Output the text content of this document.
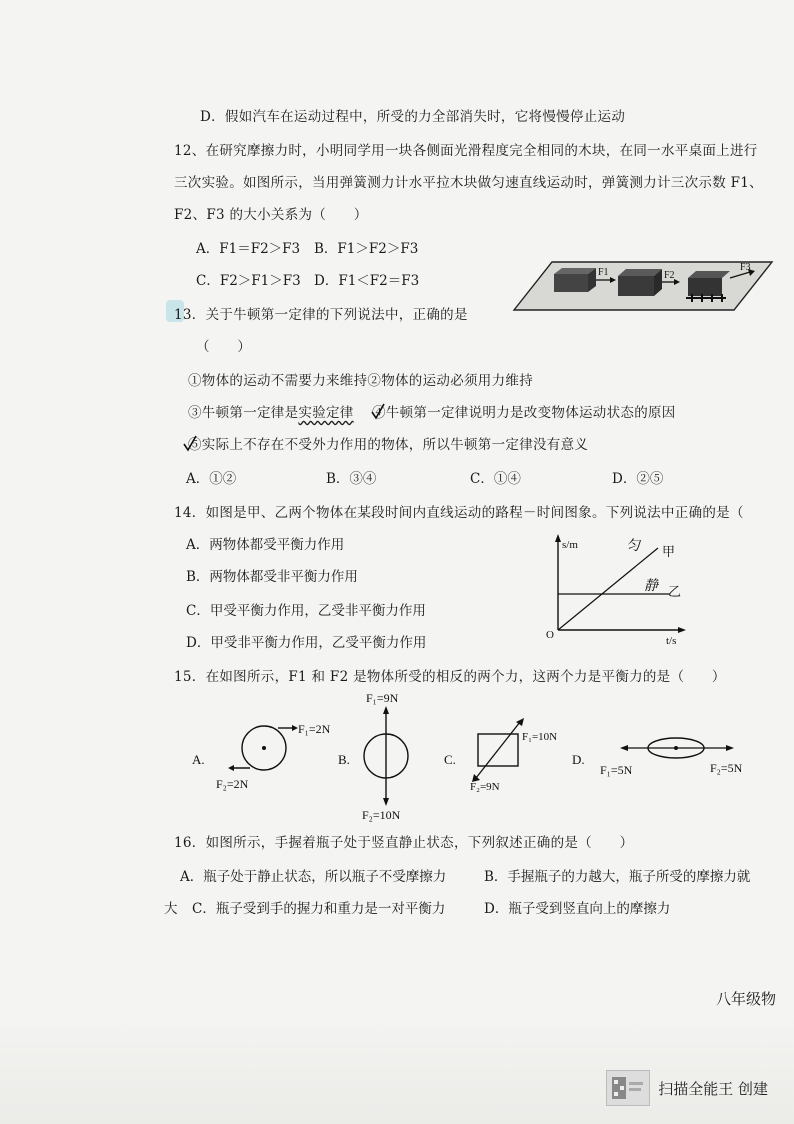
D．假如汽车在运动过程中，所受的力全部消失时，它将慢慢停止运动
12、在研究摩擦力时，小明同学用一块各侧面光滑程度完全相同的木块，在同一水平桌面上进行
三次实验。如图所示，当用弹簧测力计水平拉木块做匀速直线运动时，弹簧测力计三次示数 F1、
F2、F3 的大小关系为（　　）
A．F1＝F2＞F3 B．F1＞F2＞F3
C．F2＞F1＞F3 D．F1＜F2＝F3
F1	F2
F3
13．关于牛顿第一定律的下列说法中，正确的是
（　　）
①物体的运动不需要力来维持②物体的运动必须用力维持
③牛顿第一定律是实验定律 ④牛顿第一定律说明力是改变物体运动状态的原因
⑤实际上不存在不受外力作用的物体，所以牛顿第一定律没有意义
A．①②	B．③④	C．①④	D．②⑤
14．如图是甲、乙两个物体在某段时间内直线运动的路程－时间图象。下列说法中正确的是（
A．两物体都受平衡力作用
B．两物体都受非平衡力作用
C．甲受平衡力作用，乙受非平衡力作用
D．甲受非平衡力作用，乙受平衡力作用
s/m
t/s
O
甲
乙
匀
静
15．在如图所示，F1 和 F2 是物体所受的相反的两个力，这两个力是平衡力的是（　　）
A.
F₁=2N
F₂=2N
B.
F₁=9N
F₂=10N
C.
F₁=10N
F₂=9N
D.
F₁=5N	F₂=5N
16．如图所示，手握着瓶子处于竖直静止状态，下列叙述正确的是（　　）
A．瓶子处于静止状态，所以瓶子不受摩擦力	B．手握瓶子的力越大，瓶子所受的摩擦力就
大 C．瓶子受到手的握力和重力是一对平衡力	D．瓶子受到竖直向上的摩擦力
八年级物
扫描全能王 创建
